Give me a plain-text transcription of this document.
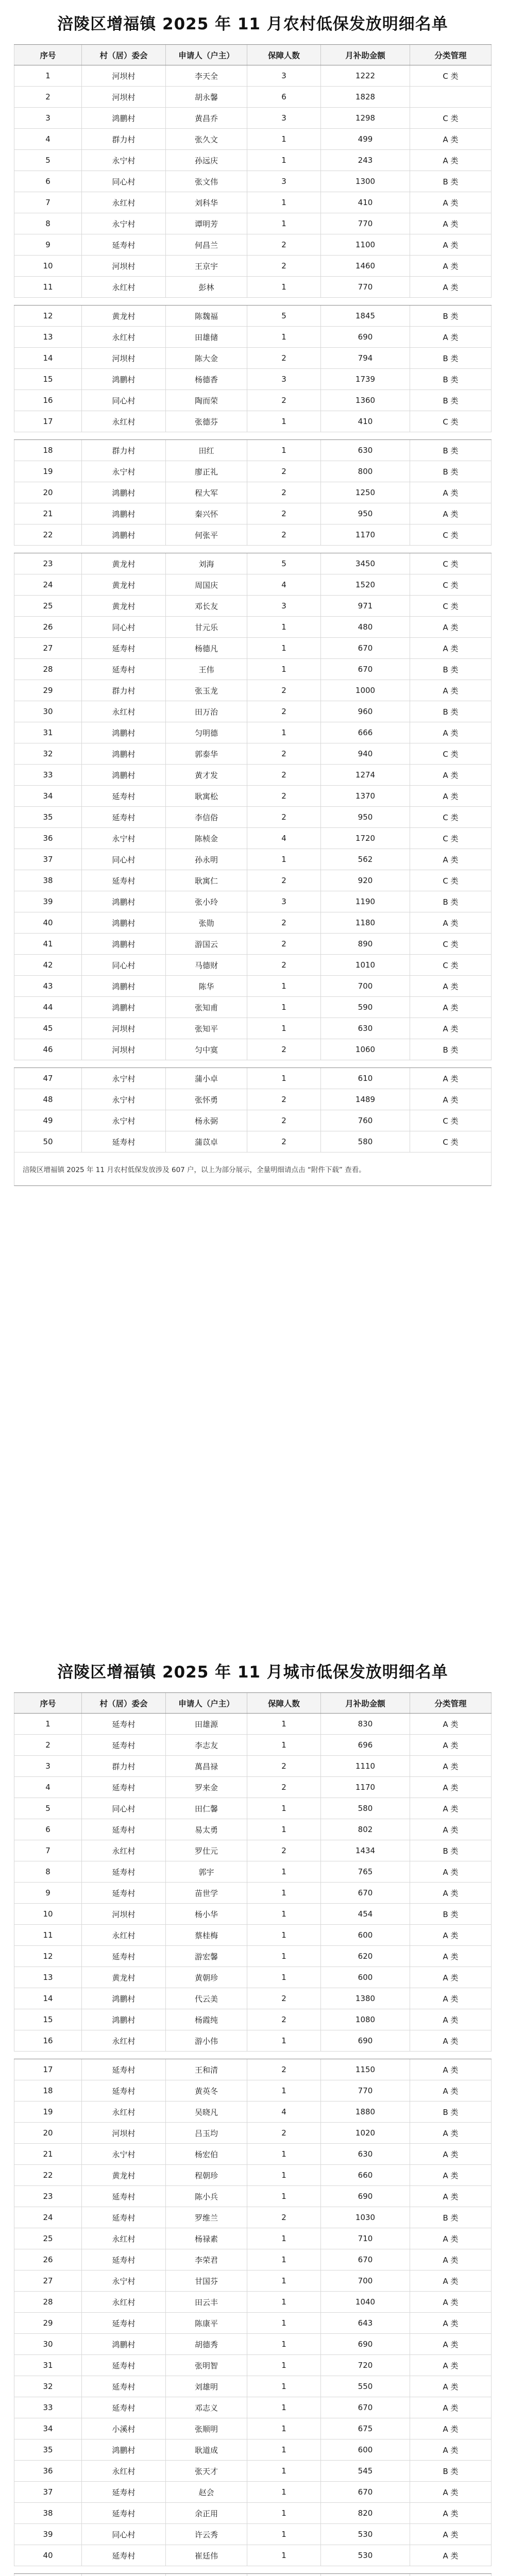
涪陵区增福镇 2025 年 11 月农村低保发放明细名单
序号	村（居）委会	申请人（户主）	保障人数	月补助金额	分类管理
1	河坝村	李天全	3	1222	C 类
2	河坝村	胡永馨	6	1828
3	鸿鹏村	黄昌乔	3	1298	C 类
4	群力村	张久文	1	499	A 类
5	永宁村	孙远庆	1	243	A 类
6	同心村	张文伟	3	1300	B 类
7	永红村	刘科华	1	410	A 类
8	永宁村	谭明芳	1	770	A 类
9	延寿村	何昌兰	2	1100	A 类
10	河坝村	王京宇	2	1460	A 类
11	永红村	彭林	1	770	A 类
12	黄龙村	陈魏福	5	1845	B 类
13	永红村	田雄储	1	690	A 类
14	河坝村	陈大金	2	794	B 类
15	鸿鹏村	杨德香	3	1739	B 类
16	同心村	陶而荣	2	1360	B 类
17	永红村	张德芬	1	410	C 类
18	群力村	田红	1	630	B 类
19	永宁村	廖正礼	2	800	B 类
20	鸿鹏村	程大军	2	1250	A 类
21	鸿鹏村	秦兴怀	2	950	A 类
22	鸿鹏村	何张平	2	1170	C 类
23	黄龙村	刘海	5	3450	C 类
24	黄龙村	周国庆	4	1520	C 类
25	黄龙村	邓长友	3	971	C 类
26	同心村	甘元乐	1	480	A 类
27	延寿村	杨德凡	1	670	A 类
28	延寿村	王伟	1	670	B 类
29	群力村	张玉龙	2	1000	A 类
30	永红村	田万治	2	960	B 类
31	鸿鹏村	匀明德	1	666	A 类
32	鸿鹏村	郭泰华	2	940	C 类
33	鸿鹏村	黄才发	2	1274	A 类
34	延寿村	耿寓松	2	1370	A 类
35	延寿村	李信俗	2	950	C 类
36	永宁村	陈桢金	4	1720	C 类
37	同心村	孙永明	1	562	A 类
38	延寿村	耿寓仁	2	920	C 类
39	鸿鹏村	张小玲	3	1190	B 类
40	鸿鹏村	张勋	2	1180	A 类
41	鸿鹏村	游国云	2	890	C 类
42	同心村	马德财	2	1010	C 类
43	鸿鹏村	陈华	1	700	A 类
44	鸿鹏村	张知甫	1	590	A 类
45	河坝村	张知平	1	630	A 类
46	河坝村	匀中寞	2	1060	B 类
47	永宁村	蒲小卓	1	610	A 类
48	永宁村	张怀勇	2	1489	A 类
49	永宁村	杨永弼	2	760	C 类
50	延寿村	蒲苡卓	2	580	C 类
涪陵区增福镇 2025 年 11 月农村低保发放涉及 607 户，以上为部分展示，全量明细请点击 “附件下载” 查看。
涪陵区增福镇 2025 年 11 月城市低保发放明细名单
序号	村（居）委会	申请人（户主）	保障人数	月补助金额	分类管理
1	延寿村	田雄源	1	830	A 类
2	延寿村	李志友	1	696	A 类
3	群力村	萬昌禄	2	1110	A 类
4	延寿村	罗来金	2	1170	A 类
5	同心村	田仁馨	1	580	A 类
6	延寿村	易太勇	1	802	A 类
7	永红村	罗仕元	2	1434	B 类
8	延寿村	郭宇	1	765	A 类
9	延寿村	苗世学	1	670	A 类
10	河坝村	杨小华	1	454	B 类
11	永红村	蔡桂梅	1	600	A 类
12	延寿村	游宏馨	1	620	A 类
13	黄龙村	黄朝珍	1	600	A 类
14	鸿鹏村	代云美	2	1380	A 类
15	鸿鹏村	杨霞纯	2	1080	A 类
16	永红村	游小伟	1	690	A 类
17	延寿村	王和清	2	1150	A 类
18	延寿村	黄英冬	1	770	A 类
19	永红村	吴晓凡	4	1880	B 类
20	河坝村	吕玉均	2	1020	A 类
21	永宁村	杨宏伯	1	630	A 类
22	黄龙村	程朝珍	1	660	A 类
23	延寿村	陈小兵	1	690	A 类
24	延寿村	罗维兰	2	1030	B 类
25	永红村	杨禄素	1	710	A 类
26	延寿村	李荣君	1	670	A 类
27	永宁村	甘国芬	1	700	A 类
28	永红村	田云丰	1	1040	A 类
29	延寿村	陈康平	1	643	A 类
30	鸿鹏村	胡德秀	1	690	A 类
31	延寿村	张明智	1	720	A 类
32	延寿村	刘雄明	1	550	A 类
33	延寿村	邓志义	1	670	A 类
34	小溪村	张顺明	1	675	A 类
35	鸿鹏村	耿道成	1	600	A 类
36	永红村	张天才	1	545	B 类
37	延寿村	赵会	1	670	A 类
38	延寿村	余正用	1	820	A 类
39	同心村	许云秀	1	530	A 类
40	延寿村	崔廷伟	1	530	A 类
